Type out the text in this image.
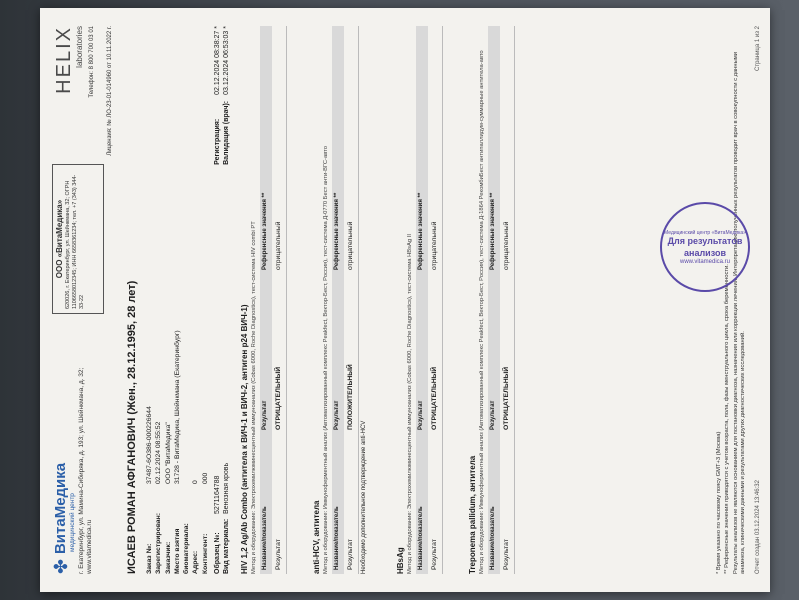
✤ ВитаМедика медицинский центр г. Екатеринбург, ул. Мамина-Сибиряка, д. 193; ул. Шейнкмана, д. 32; www.vitamedica.ru
ООО «ВитаМедика» 620026, г. Екатеринбург, ул. Шейнкмана, 32; ОГРН 1106658012345; ИНН 6658361234; тел. +7 (343) 344-33-22
HELIX laboratories Телефон: 8 800 700 03 01 Лицензия: № ЛО-23-01-014960 от 10.11.2022 г.
ИСАЕВ РОМАН АФГАНОВИЧ (Жен., 28.12.1995, 28 лет) Заказ №:
37487-6O386-000226644
Зарегистрирован:
02.12.2024 08:55:52
Заказчик:
ООО "ВитаМедика"
Место взятия биоматериала:
31728 - ВитаМедика, Шейнкмана (Екатеринбург)
Адрес:
0
Контингент:
000
Образец №:5271164788
Вид материала:Венозная кровь
Регистрация:02.12.2024 08:38:27 *
Валидация (врач):03.12.2024 06:53:03 *
HIV 1,2 Ag/Ab Combo (антитела к ВИЧ-1 и ВИЧ-2, антиген р24 ВИЧ-1) Метод и оборудование: Электрохемилюминесцентный иммуноанализ (Cobas 6000, Roche Diagnostics), тест-система HIV combi PT Название/показатель
Результат
Референсные значения **
Результат
ОТРИЦАТЕЛЬНЫЙ
отрицательный
anti-HCV, антитела Метод и оборудование: Иммуноферментный анализ (Автоматизированный комплекс Peakfect, Вектор-Бест, Россия), тест-система Д-0770 Бест анти-ВГС-авто Название/показатель
Результат
Референсные значения **
Результат
ПОЛОЖИТЕЛЬНЫЙ
отрицательный
Необходимо дополнительное подтверждение anti-HCV	HBsAg Метод и оборудование: Электрохемилюминесцентный иммуноанализ (Cobas 6000, Roche Diagnostics), тест-система HBsAg II Название/показатель
Результат
Референсные значения **
Результат
ОТРИЦАТЕЛЬНЫЙ
отрицательный
Treponema pallidum, антитела Метод и оборудование: Иммуноферментный анализ (Автоматизированный комплекс Peakfect, Вектор-Бест, Россия), тест-система Д-1864 РекомбиБест антипаллидум-суммарные антитела-авто Название/показатель
Результат
Референсные значения **
Результат
ОТРИЦАТЕЛЬНЫЙ
отрицательный

* Время указано по часовому поясу GMT+3 (Москва) ** Референсные значения приводятся с учетом возраста, пола, фазы менструального цикла, срока беременности. Результаты анализов не являются основанием для постановки диагноза, назначения или коррекции лечения. Интерпретацию полученных результатов проводит врач в совокупности с данными анамнеза, клиническими данными и результатами других диагностических исследований. Отчет создан 03.12.2024 13:46:32
Страница 1 из 2
Медицинский центр «ВитаМедика»
Для результатов анализов
www.vitamedica.ru
